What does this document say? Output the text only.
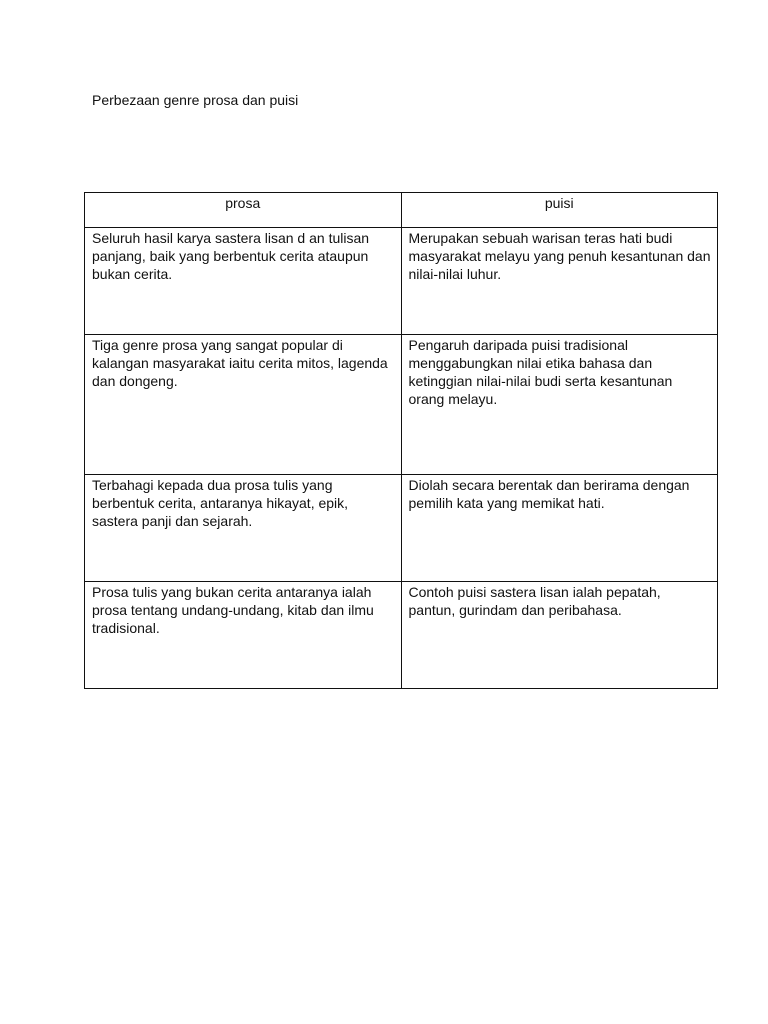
Perbezaan genre prosa dan puisi
prosa	puisi

Seluruh hasil karya sastera lisan d an tulisan panjang, baik yang berbentuk cerita ataupun bukan cerita.	Merupakan sebuah warisan teras hati budi masyarakat melayu yang penuh kesantunan dan nilai-nilai luhur.

Tiga genre prosa yang sangat popular di kalangan masyarakat iaitu cerita mitos, lagenda dan dongeng.	Pengaruh daripada puisi tradisional menggabungkan nilai etika bahasa dan ketinggian nilai-nilai budi serta kesantunan orang melayu.

Terbahagi kepada dua prosa tulis yang berbentuk cerita, antaranya hikayat, epik, sastera panji dan sejarah.	Diolah secara berentak dan berirama dengan pemilih kata yang memikat hati.

Prosa tulis yang bukan cerita antaranya ialah prosa tentang undang-undang, kitab dan ilmu tradisional.	Contoh puisi sastera lisan ialah pepatah, pantun, gurindam dan peribahasa.
